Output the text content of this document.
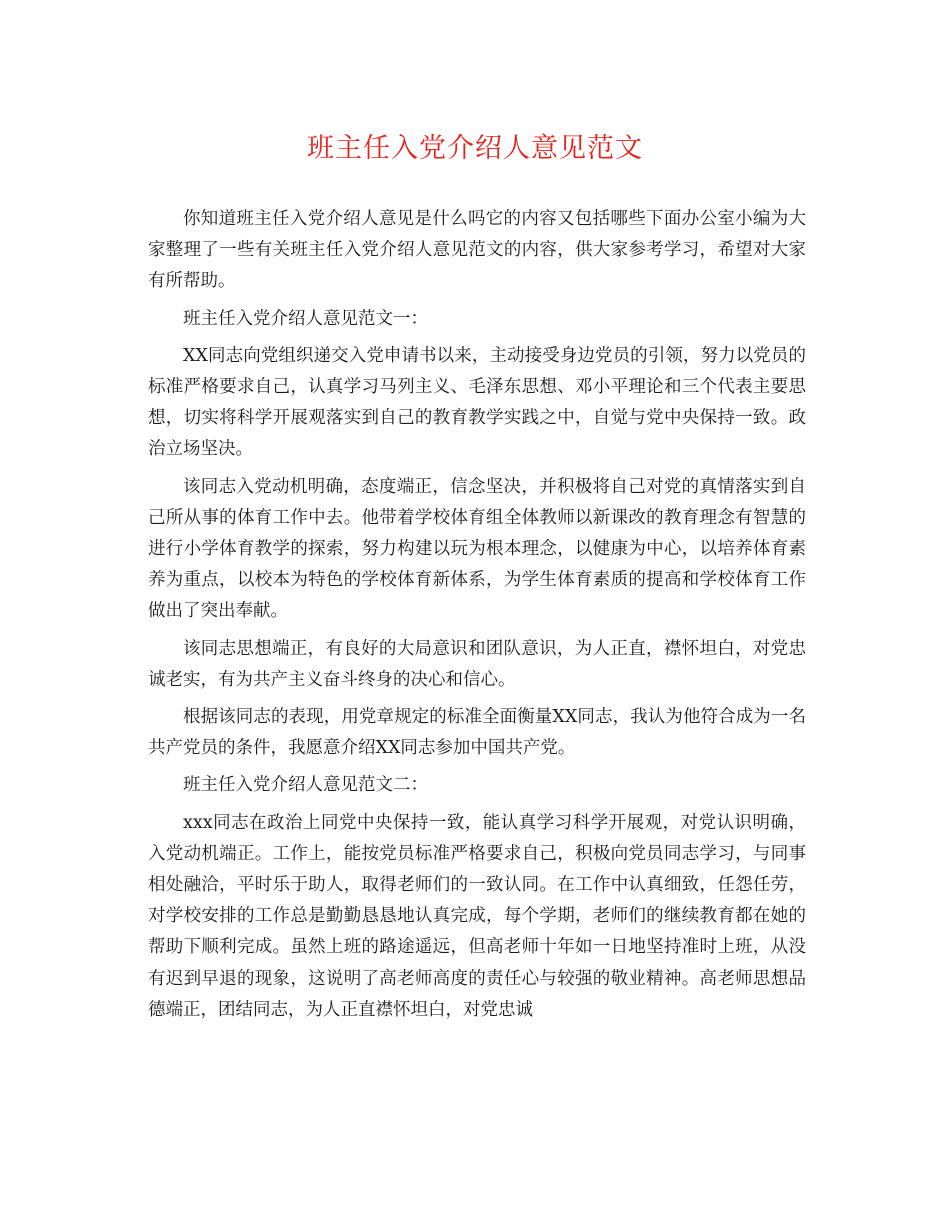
班主任入党介绍人意见范文

你知道班主任入党介绍人意见是什么吗它的内容又包括哪些下面办公室小编为大家整理了一些有关班主任入党介绍人意见范文的内容，供大家参考学习，希望对大家有所帮助。

班主任入党介绍人意见范文一：

XX同志向党组织递交入党申请书以来，主动接受身边党员的引领，努力以党员的标准严格要求自己，认真学习马列主义、毛泽东思想、邓小平理论和三个代表主要思想，切实将科学开展观落实到自己的教育教学实践之中，自觉与党中央保持一致。政治立场坚决。

该同志入党动机明确，态度端正，信念坚决，并积极将自己对党的真情落实到自己所从事的体育工作中去。他带着学校体育组全体教师以新课改的教育理念有智慧的进行小学体育教学的探索，努力构建以玩为根本理念，以健康为中心，以培养体育素养为重点，以校本为特色的学校体育新体系，为学生体育素质的提高和学校体育工作做出了突出奉献。

该同志思想端正，有良好的大局意识和团队意识，为人正直，襟怀坦白，对党忠诚老实，有为共产主义奋斗终身的决心和信心。

根据该同志的表现，用党章规定的标准全面衡量XX同志，我认为他符合成为一名共产党员的条件，我愿意介绍XX同志参加中国共产党。

班主任入党介绍人意见范文二：

xxx同志在政治上同党中央保持一致，能认真学习科学开展观，对党认识明确，入党动机端正。工作上，能按党员标准严格要求自己，积极向党员同志学习，与同事相处融洽，平时乐于助人，取得老师们的一致认同。在工作中认真细致，任怨任劳，对学校安排的工作总是勤勤恳恳地认真完成，每个学期，老师们的继续教育都在她的帮助下顺利完成。虽然上班的路途遥远，但高老师十年如一日地坚持准时上班，从没有迟到早退的现象，这说明了高老师高度的责任心与较强的敬业精神。高老师思想品德端正，团结同志，为人正直襟怀坦白，对党忠诚
